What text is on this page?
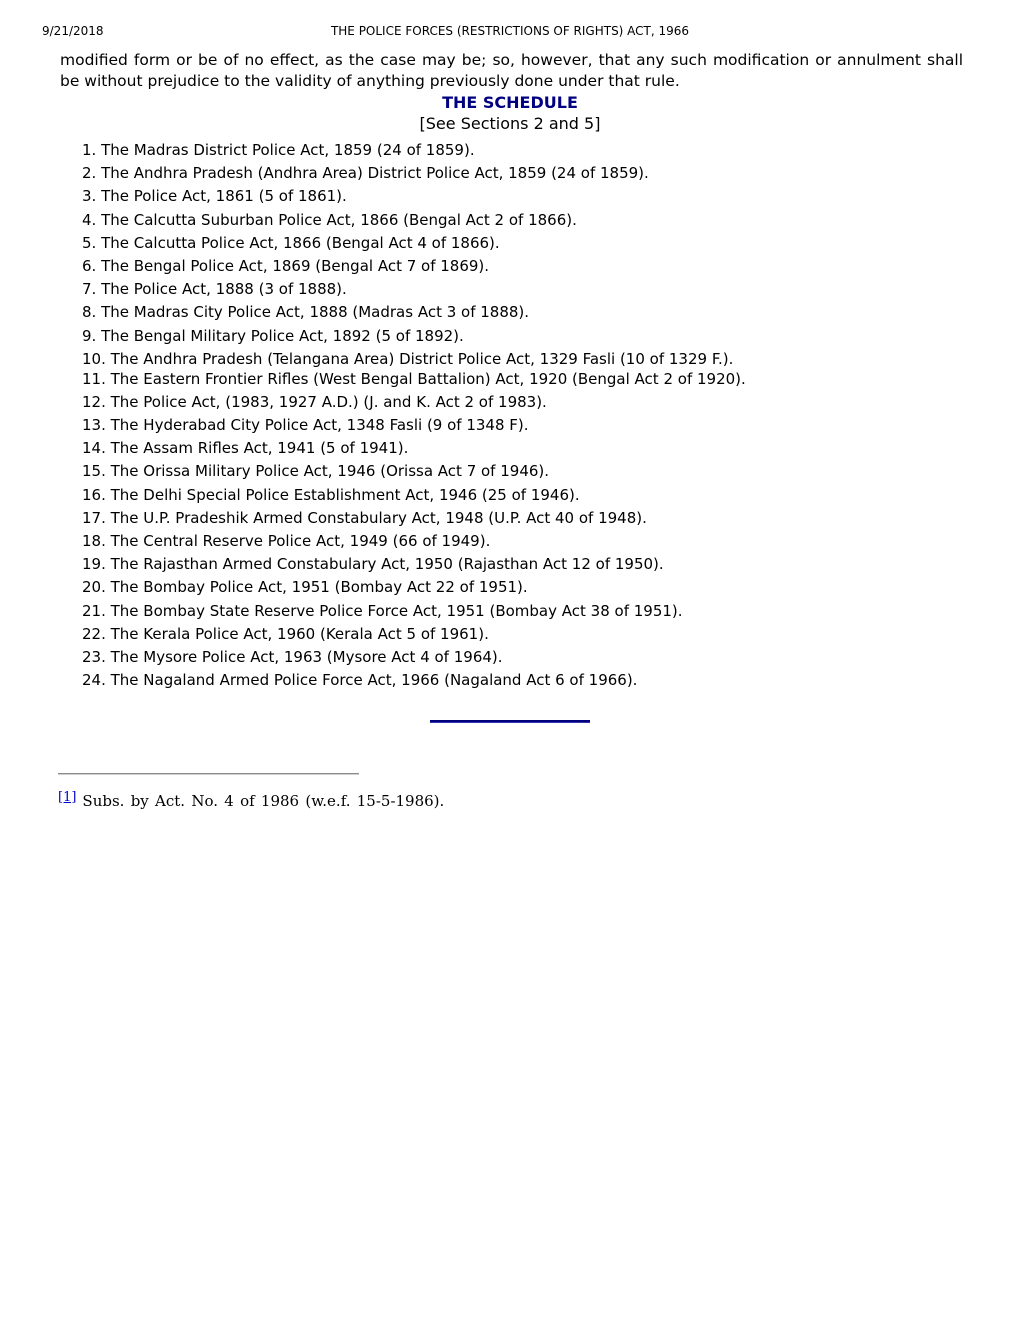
9/21/2018	THE POLICE FORCES (RESTRICTIONS OF RIGHTS) ACT, 1966

modified form or be of no effect, as the case may be; so, however, that any such modification or annulment shall be without prejudice to the validity of anything previously done under that rule.

THE SCHEDULE
[See Sections 2 and 5]
1. The Madras District Police Act, 1859 (24 of 1859).
2. The Andhra Pradesh (Andhra Area) District Police Act, 1859 (24 of 1859).
3. The Police Act, 1861 (5 of 1861).
4. The Calcutta Suburban Police Act, 1866 (Bengal Act 2 of 1866).
5. The Calcutta Police Act, 1866 (Bengal Act 4 of 1866).
6. The Bengal Police Act, 1869 (Bengal Act 7 of 1869).
7. The Police Act, 1888 (3 of 1888).
8. The Madras City Police Act, 1888 (Madras Act 3 of 1888).
9. The Bengal Military Police Act, 1892 (5 of 1892).
10. The Andhra Pradesh (Telangana Area) District Police Act, 1329 Fasli (10 of 1329 F.).
11. The Eastern Frontier Rifles (West Bengal Battalion) Act, 1920 (Bengal Act 2 of 1920).
12. The Police Act, (1983, 1927 A.D.) (J. and K. Act 2 of 1983).
13. The Hyderabad City Police Act, 1348 Fasli (9 of 1348 F).
14. The Assam Rifles Act, 1941 (5 of 1941).
15. The Orissa Military Police Act, 1946 (Orissa Act 7 of 1946).
16. The Delhi Special Police Establishment Act, 1946 (25 of 1946).
17. The U.P. Pradeshik Armed Constabulary Act, 1948 (U.P. Act 40 of 1948).
18. The Central Reserve Police Act, 1949 (66 of 1949).
19. The Rajasthan Armed Constabulary Act, 1950 (Rajasthan Act 12 of 1950).
20. The Bombay Police Act, 1951 (Bombay Act 22 of 1951).
21. The Bombay State Reserve Police Force Act, 1951 (Bombay Act 38 of 1951).
22. The Kerala Police Act, 1960 (Kerala Act 5 of 1961).
23. The Mysore Police Act, 1963 (Mysore Act 4 of 1964).
24. The Nagaland Armed Police Force Act, 1966 (Nagaland Act 6 of 1966).
[1] Subs. by Act. No. 4 of 1986 (w.e.f. 15-5-1986).
